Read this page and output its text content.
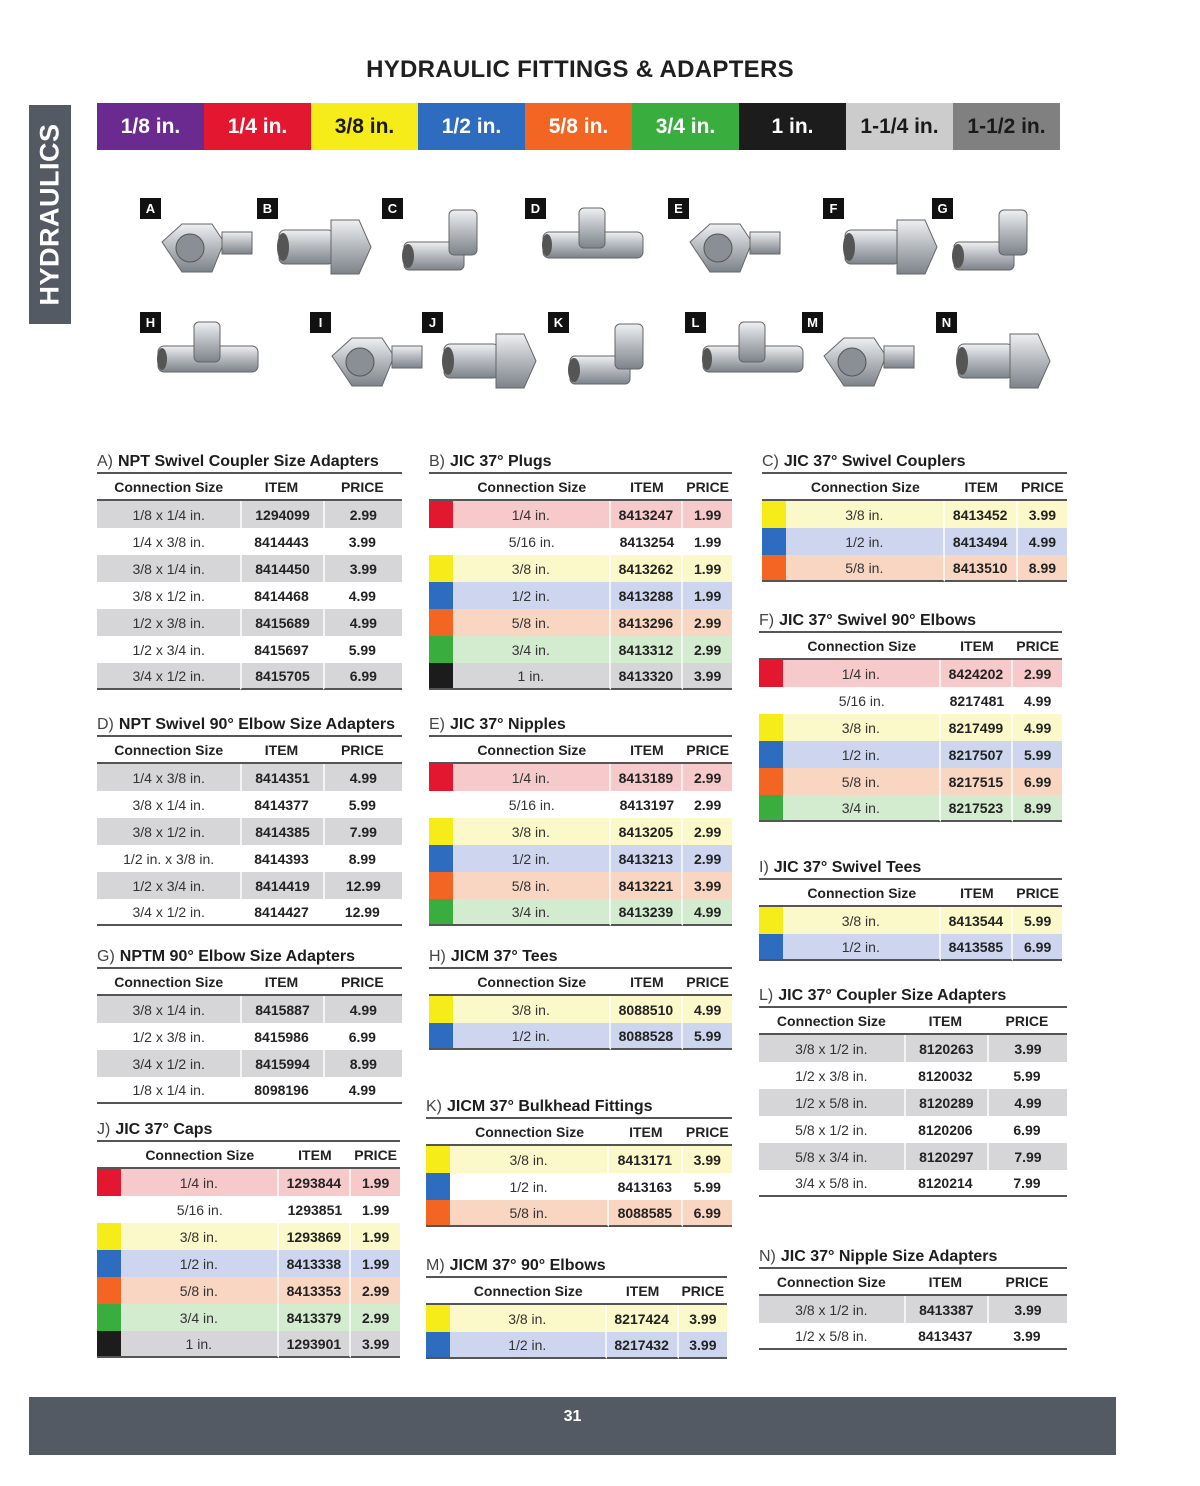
HYDRAULICS
HYDRAULIC FITTINGS & ADAPTERS
1/8 in.	1/4 in.	3/8 in.	1/2 in.	5/8 in.	3/4 in.	1 in.	1-1/4 in.	1-1/2 in.
A	B	C	D	E	F	G
H	I	J	K	L	M	N
A) NPT Swivel Coupler Size Adapters
Connection Size	ITEM	PRICE
1/8 x 1/4 in.	1294099	2.99
1/4 x 3/8 in.	8414443	3.99
3/8 x 1/4 in.	8414450	3.99
3/8 x 1/2 in.	8414468	4.99
1/2 x 3/8 in.	8415689	4.99
1/2 x 3/4 in.	8415697	5.99
3/4 x 1/2 in.	8415705	6.99
B) JIC 37° Plugs
	Connection Size	ITEM	PRICE
	1/4 in.	8413247	1.99
	5/16 in.	8413254	1.99
	3/8 in.	8413262	1.99
	1/2 in.	8413288	1.99
	5/8 in.	8413296	2.99
	3/4 in.	8413312	2.99
	1 in.	8413320	3.99
C) JIC 37° Swivel Couplers
	Connection Size	ITEM	PRICE
	3/8 in.	8413452	3.99
	1/2 in.	8413494	4.99
	5/8 in.	8413510	8.99
D) NPT Swivel 90° Elbow Size Adapters
Connection Size	ITEM	PRICE
1/4 x 3/8 in.	8414351	4.99
3/8 x 1/4 in.	8414377	5.99
3/8 x 1/2 in.	8414385	7.99
1/2 in. x 3/8 in.	8414393	8.99
1/2 x 3/4 in.	8414419	12.99
3/4 x 1/2 in.	8414427	12.99
E) JIC 37° Nipples
	Connection Size	ITEM	PRICE
	1/4 in.	8413189	2.99
	5/16 in.	8413197	2.99
	3/8 in.	8413205	2.99
	1/2 in.	8413213	2.99
	5/8 in.	8413221	3.99
	3/4 in.	8413239	4.99
F) JIC 37° Swivel 90° Elbows
	Connection Size	ITEM	PRICE
	1/4 in.	8424202	2.99
	5/16 in.	8217481	4.99
	3/8 in.	8217499	4.99
	1/2 in.	8217507	5.99
	5/8 in.	8217515	6.99
	3/4 in.	8217523	8.99
G) NPTM 90° Elbow Size Adapters
Connection Size	ITEM	PRICE
3/8 x 1/4 in.	8415887	4.99
1/2 x 3/8 in.	8415986	6.99
3/4 x 1/2 in.	8415994	8.99
1/8 x 1/4 in.	8098196	4.99
H) JICM 37° Tees
	Connection Size	ITEM	PRICE
	3/8 in.	8088510	4.99
	1/2 in.	8088528	5.99
I) JIC 37° Swivel Tees
	Connection Size	ITEM	PRICE
	3/8 in.	8413544	5.99
	1/2 in.	8413585	6.99
J) JIC 37° Caps
	Connection Size	ITEM	PRICE
	1/4 in.	1293844	1.99
	5/16 in.	1293851	1.99
	3/8 in.	1293869	1.99
	1/2 in.	8413338	1.99
	5/8 in.	8413353	2.99
	3/4 in.	8413379	2.99
	1 in.	1293901	3.99
K) JICM 37° Bulkhead Fittings
	Connection Size	ITEM	PRICE
	3/8 in.	8413171	3.99
	1/2 in.	8413163	5.99
	5/8 in.	8088585	6.99
L) JIC 37° Coupler Size Adapters
Connection Size	ITEM	PRICE
3/8 x 1/2 in.	8120263	3.99
1/2 x 3/8 in.	8120032	5.99
1/2 x 5/8 in.	8120289	4.99
5/8 x 1/2 in.	8120206	6.99
5/8 x 3/4 in.	8120297	7.99
3/4 x 5/8 in.	8120214	7.99
M) JICM 37° 90° Elbows
	Connection Size	ITEM	PRICE
	3/8 in.	8217424	3.99
	1/2 in.	8217432	3.99
N) JIC 37° Nipple Size Adapters
Connection Size	ITEM	PRICE
3/8 x 1/2 in.	8413387	3.99
1/2 x 5/8 in.	8413437	3.99
31
